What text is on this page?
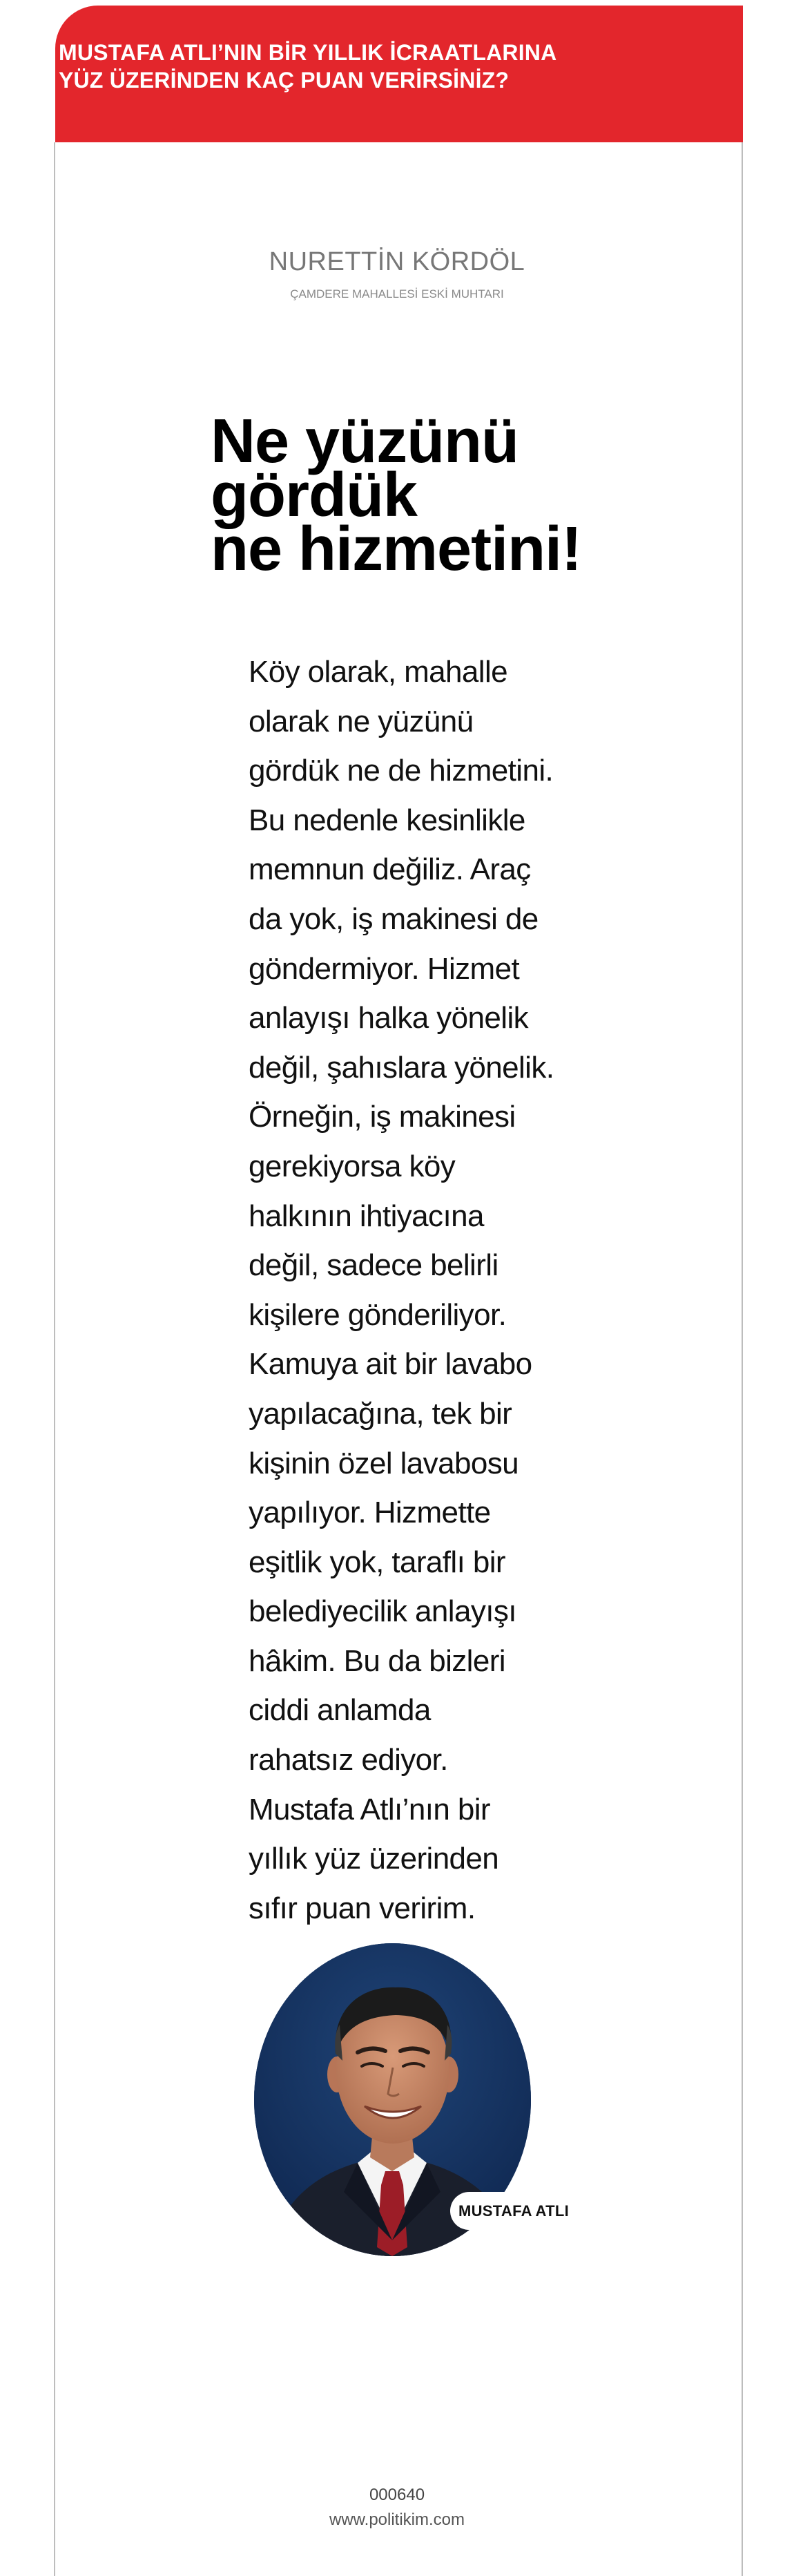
MUSTAFA ATLI’NIN BİR YILLIK İCRAATLARINA
YÜZ ÜZERİNDEN KAÇ PUAN VERİRSİNİZ?

NURETTİN KÖRDÖL

ÇAMDERE MAHALLESİ ESKİ MUHTARI

Ne yüzünü
gördük
ne hizmetini!
Köy olarak, mahalle
olarak ne yüzünü
gördük ne de hizmetini.
Bu nedenle kesinlikle
memnun değiliz. Araç
da yok, iş makinesi de
göndermiyor. Hizmet
anlayışı halka yönelik
değil, şahıslara yönelik.
Örneğin, iş makinesi
gerekiyorsa köy
halkının ihtiyacına
değil, sadece belirli
kişilere gönderiliyor.
Kamuya ait bir lavabo
yapılacağına, tek bir
kişinin özel lavabosu
yapılıyor. Hizmette
eşitlik yok, taraflı bir
belediyecilik anlayışı
hâkim. Bu da bizleri
ciddi anlamda
rahatsız ediyor.
Mustafa Atlı’nın bir
yıllık yüz üzerinden
sıfır puan veririm.
MUSTAFA ATLI

000640

www.politikim.com
